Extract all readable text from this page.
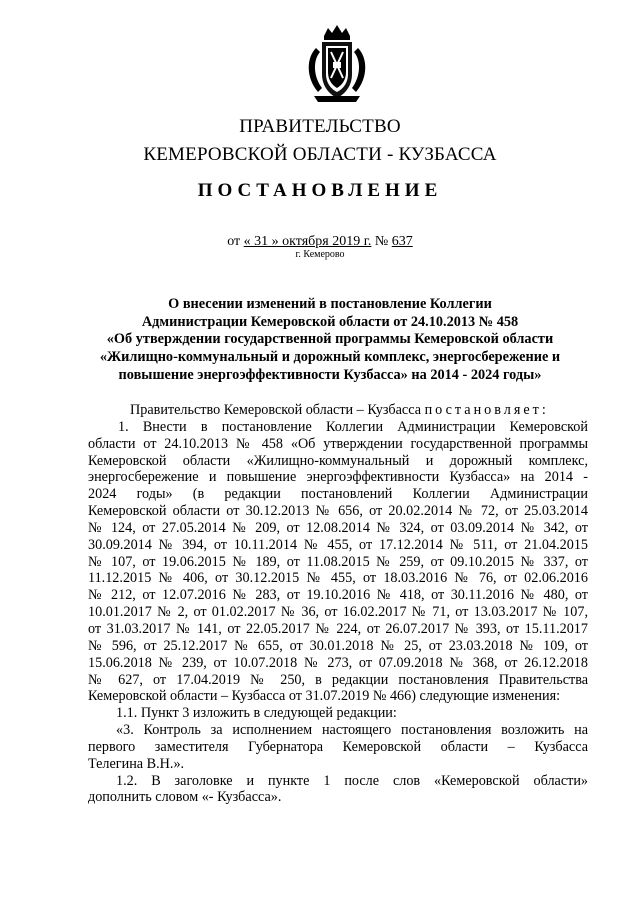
ПРАВИТЕЛЬСТВО
КЕМЕРОВСКОЙ ОБЛАСТИ - КУЗБАССА
ПОСТАНОВЛЕНИЕ
от « 31 » октября 2019 г. № 637
г. Кемерово
О внесении изменений в постановление Коллегии
Администрации Кемеровской области от 24.10.2013 № 458
«Об утверждении государственной программы Кемеровской области
«Жилищно-коммунальный и дорожный комплекс, энергосбережение и
повышение энергоэффективности Кузбасса» на 2014 - 2024 годы»
Правительство Кемеровской области – Кузбасса постановляет:
1. Внести в постановление Коллегии Администрации Кемеровской
области от 24.10.2013 № 458 «Об утверждении государственной программы
Кемеровской области «Жилищно-коммунальный и дорожный комплекс,
энергосбережение и повышение энергоэффективности Кузбасса» на 2014 -
2024 годы» (в редакции постановлений Коллегии Администрации
Кемеровской области от 30.12.2013 № 656, от 20.02.2014 № 72, от 25.03.2014
№ 124, от 27.05.2014 № 209, от 12.08.2014 № 324, от 03.09.2014 № 342, от
30.09.2014 № 394, от 10.11.2014 № 455, от 17.12.2014 № 511, от 21.04.2015
№ 107, от 19.06.2015 № 189, от 11.08.2015 № 259, от 09.10.2015 № 337, от
11.12.2015 № 406, от 30.12.2015 № 455, от 18.03.2016 № 76, от 02.06.2016
№ 212, от 12.07.2016 № 283, от 19.10.2016 № 418, от 30.11.2016 № 480, от
10.01.2017 № 2, от 01.02.2017 № 36, от 16.02.2017 № 71, от 13.03.2017 № 107,
от 31.03.2017 № 141, от 22.05.2017 № 224, от 26.07.2017 № 393, от 15.11.2017
№ 596, от 25.12.2017 № 655, от 30.01.2018 № 25, от 23.03.2018 № 109, от
15.06.2018 № 239, от 10.07.2018 № 273, от 07.09.2018 № 368, от 26.12.2018
№ 627, от 17.04.2019 № 250, в редакции постановления Правительства
Кемеровской области – Кузбасса от 31.07.2019 № 466) следующие изменения:
1.1. Пункт 3 изложить в следующей редакции:
«3. Контроль за исполнением настоящего постановления возложить на
первого заместителя Губернатора Кемеровской области – Кузбасса
Телегина В.Н.».
1.2. В заголовке и пункте 1 после слов «Кемеровской области»
дополнить словом «- Кузбасса».
